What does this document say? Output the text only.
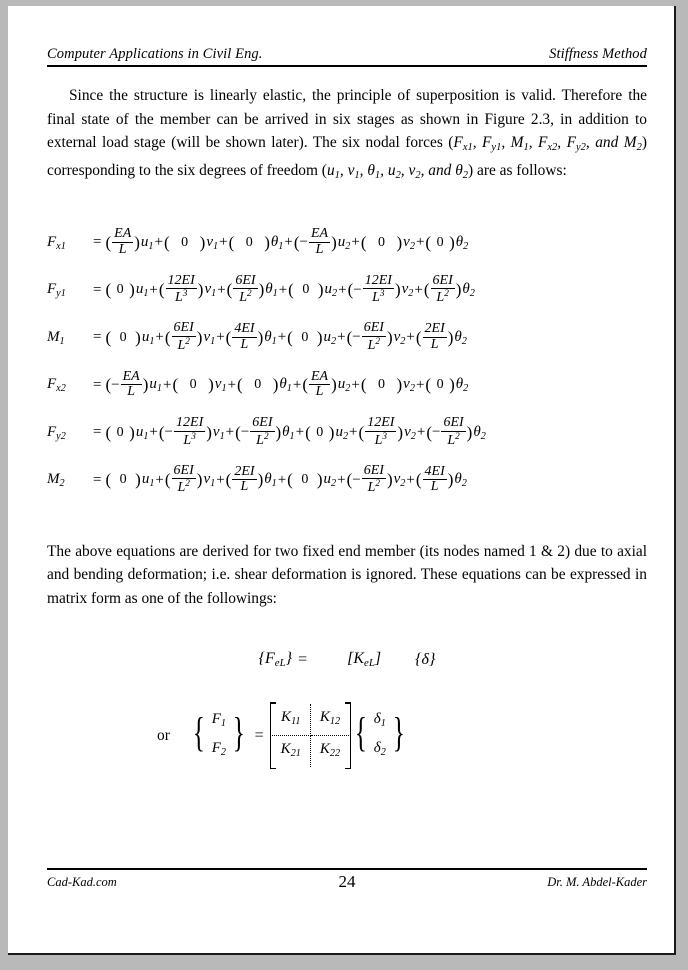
Computer Applications in Civil Eng.	Stiffness Method

Since the structure is linearly elastic, the principle of superposition is valid. Therefore the final state of the member can be arrived in six stages as shown in Figure 2.3, in addition to external load stage (will be shown later). The six nodal forces ($F_{x1}$, $F_{y1}$, $M_1$, $F_{x2}$, $F_{y2}$, and $M_2$) corresponding to the six degrees of freedom ($u_1$, $v_1$, $\theta_1$, $u_2$, $v_2$, and $\theta_2$) are as follows:

$F_{x1}$	= ( $\frac{EA}{L}$ ) $u_1$ + ( 0 ) $v_1$ + ( 0 ) $\theta_1$ + ( − $\frac{EA}{L}$ ) $u_2$ + ( 0 ) $v_2$ + ( 0 ) $\theta_2$
$F_{y1}$	= ( 0 ) $u_1$ + ( $\frac{12EI}{L^3}$ ) $v_1$ + ( $\frac{6EI}{L^2}$ ) $\theta_1$ + ( 0 ) $u_2$ + ( − $\frac{12EI}{L^3}$ ) $v_2$ + ( $\frac{6EI}{L^2}$ ) $\theta_2$
$M_1$	= ( 0 ) $u_1$ + ( $\frac{6EI}{L^2}$ ) $v_1$ + ( $\frac{4EI}{L}$ ) $\theta_1$ + ( 0 ) $u_2$ + ( − $\frac{6EI}{L^2}$ ) $v_2$ + ( $\frac{2EI}{L}$ ) $\theta_2$
$F_{x2}$	= ( − $\frac{EA}{L}$ ) $u_1$ + ( 0 ) $v_1$ + ( 0 ) $\theta_1$ + ( $\frac{EA}{L}$ ) $u_2$ + ( 0 ) $v_2$ + ( 0 ) $\theta_2$
$F_{y2}$	= ( 0 ) $u_1$ + ( − $\frac{12EI}{L^3}$ ) $v_1$ + ( − $\frac{6EI}{L^2}$ ) $\theta_1$ + ( 0 ) $u_2$ + ( $\frac{12EI}{L^3}$ ) $v_2$ + ( − $\frac{6EI}{L^2}$ ) $\theta_2$
$M_2$	= ( 0 ) $u_1$ + ( $\frac{6EI}{L^2}$ ) $v_1$ + ( $\frac{2EI}{L}$ ) $\theta_1$ + ( 0 ) $u_2$ + ( − $\frac{6EI}{L^2}$ ) $v_2$ + ( $\frac{4EI}{L}$ ) $\theta_2$

The above equations are derived for two fixed end member (its nodes named 1 & 2) due to axial and bending deformation; i.e. shear deformation is ignored. These equations can be expressed in matrix form as one of the followings:

$\{F_{eL}\}$ =	$[K_{eL}]$ {δ}
or { $F_1$
$F_2$ } =
$K_{11}$	$K_{12}$
$K_{21}$	$K_{22}$ { $\delta_1$
$\delta_2$ }
Cad-Kad.com	Dr. M. Abdel-Kader
24
